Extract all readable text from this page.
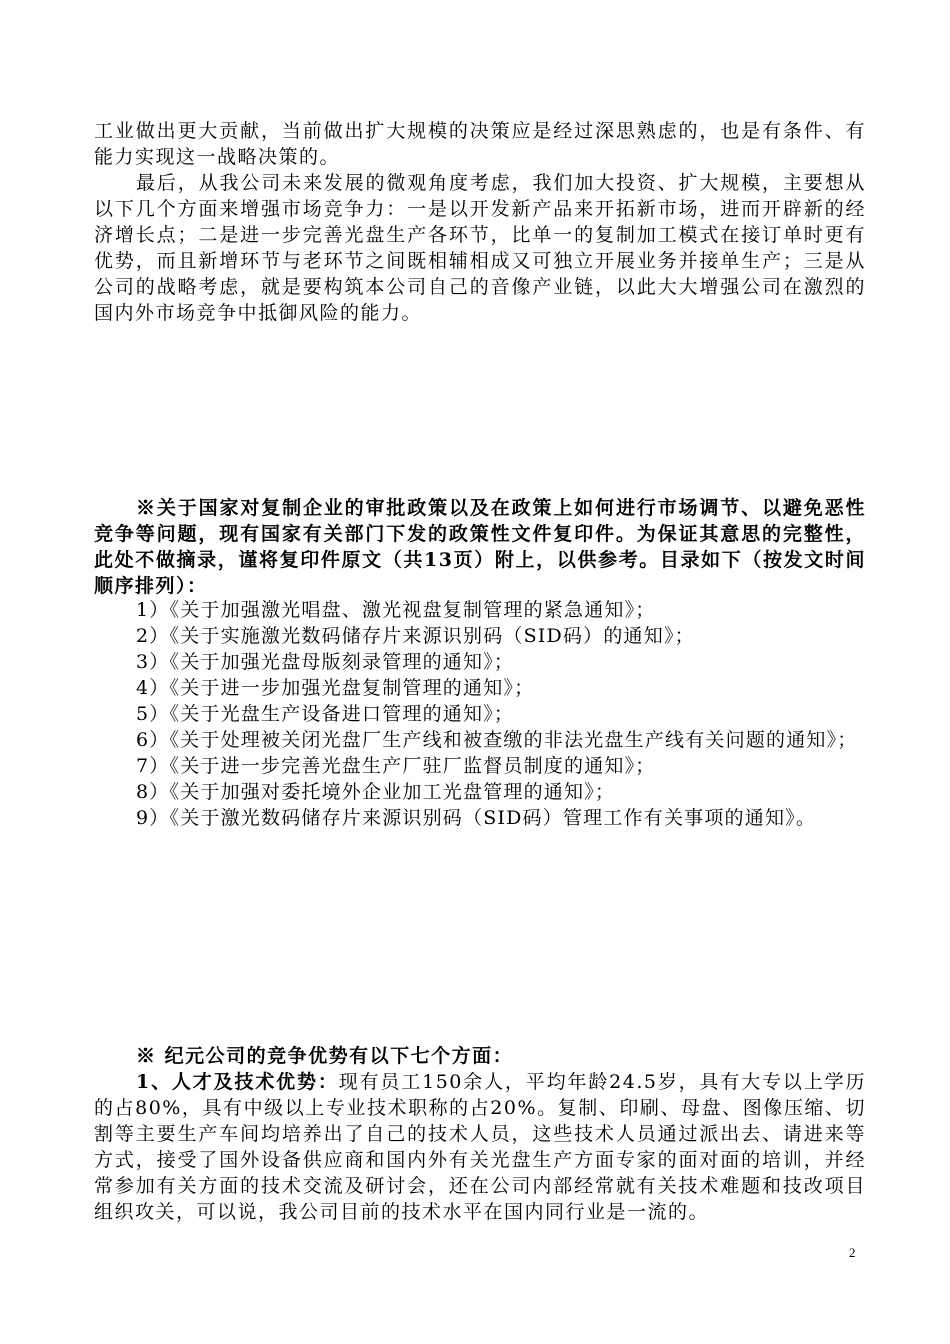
工业做出更大贡献，当前做出扩大规模的决策应是经过深思熟虑的，也是有条件、有能力实现这一战略决策的。

最后，从我公司未来发展的微观角度考虑，我们加大投资、扩大规模，主要想从以下几个方面来增强市场竞争力：一是以开发新产品来开拓新市场，进而开辟新的经济增长点；二是进一步完善光盘生产各环节，比单一的复制加工模式在接订单时更有优势，而且新增环节与老环节之间既相辅相成又可独立开展业务并接单生产；三是从公司的战略考虑，就是要构筑本公司自己的音像产业链，以此大大增强公司在激烈的国内外市场竞争中抵御风险的能力。

※关于国家对复制企业的审批政策以及在政策上如何进行市场调节、以避免恶性竞争等问题，现有国家有关部门下发的政策性文件复印件。为保证其意思的完整性，此处不做摘录，谨将复印件原文（共13页）附上，以供参考。目录如下（按发文时间顺序排列）：

1）《关于加强激光唱盘、激光视盘复制管理的紧急通知》；
2）《关于实施激光数码储存片来源识别码（SID码）的通知》；
3）《关于加强光盘母版刻录管理的通知》；
4）《关于进一步加强光盘复制管理的通知》；
5）《关于光盘生产设备进口管理的通知》；
6）《关于处理被关闭光盘厂生产线和被查缴的非法光盘生产线有关问题的通知》；
7）《关于进一步完善光盘生产厂驻厂监督员制度的通知》；
8）《关于加强对委托境外企业加工光盘管理的通知》；
9）《关于激光数码储存片来源识别码（SID码）管理工作有关事项的通知》。

※ 纪元公司的竞争优势有以下七个方面：

1、人才及技术优势：现有员工150余人，平均年龄24.5岁，具有大专以上学历的占80%，具有中级以上专业技术职称的占20%。复制、印刷、母盘、图像压缩、切割等主要生产车间均培养出了自己的技术人员，这些技术人员通过派出去、请进来等方式，接受了国外设备供应商和国内外有关光盘生产方面专家的面对面的培训，并经常参加有关方面的技术交流及研讨会，还在公司内部经常就有关技术难题和技改项目组织攻关，可以说，我公司目前的技术水平在国内同行业是一流的。

2
